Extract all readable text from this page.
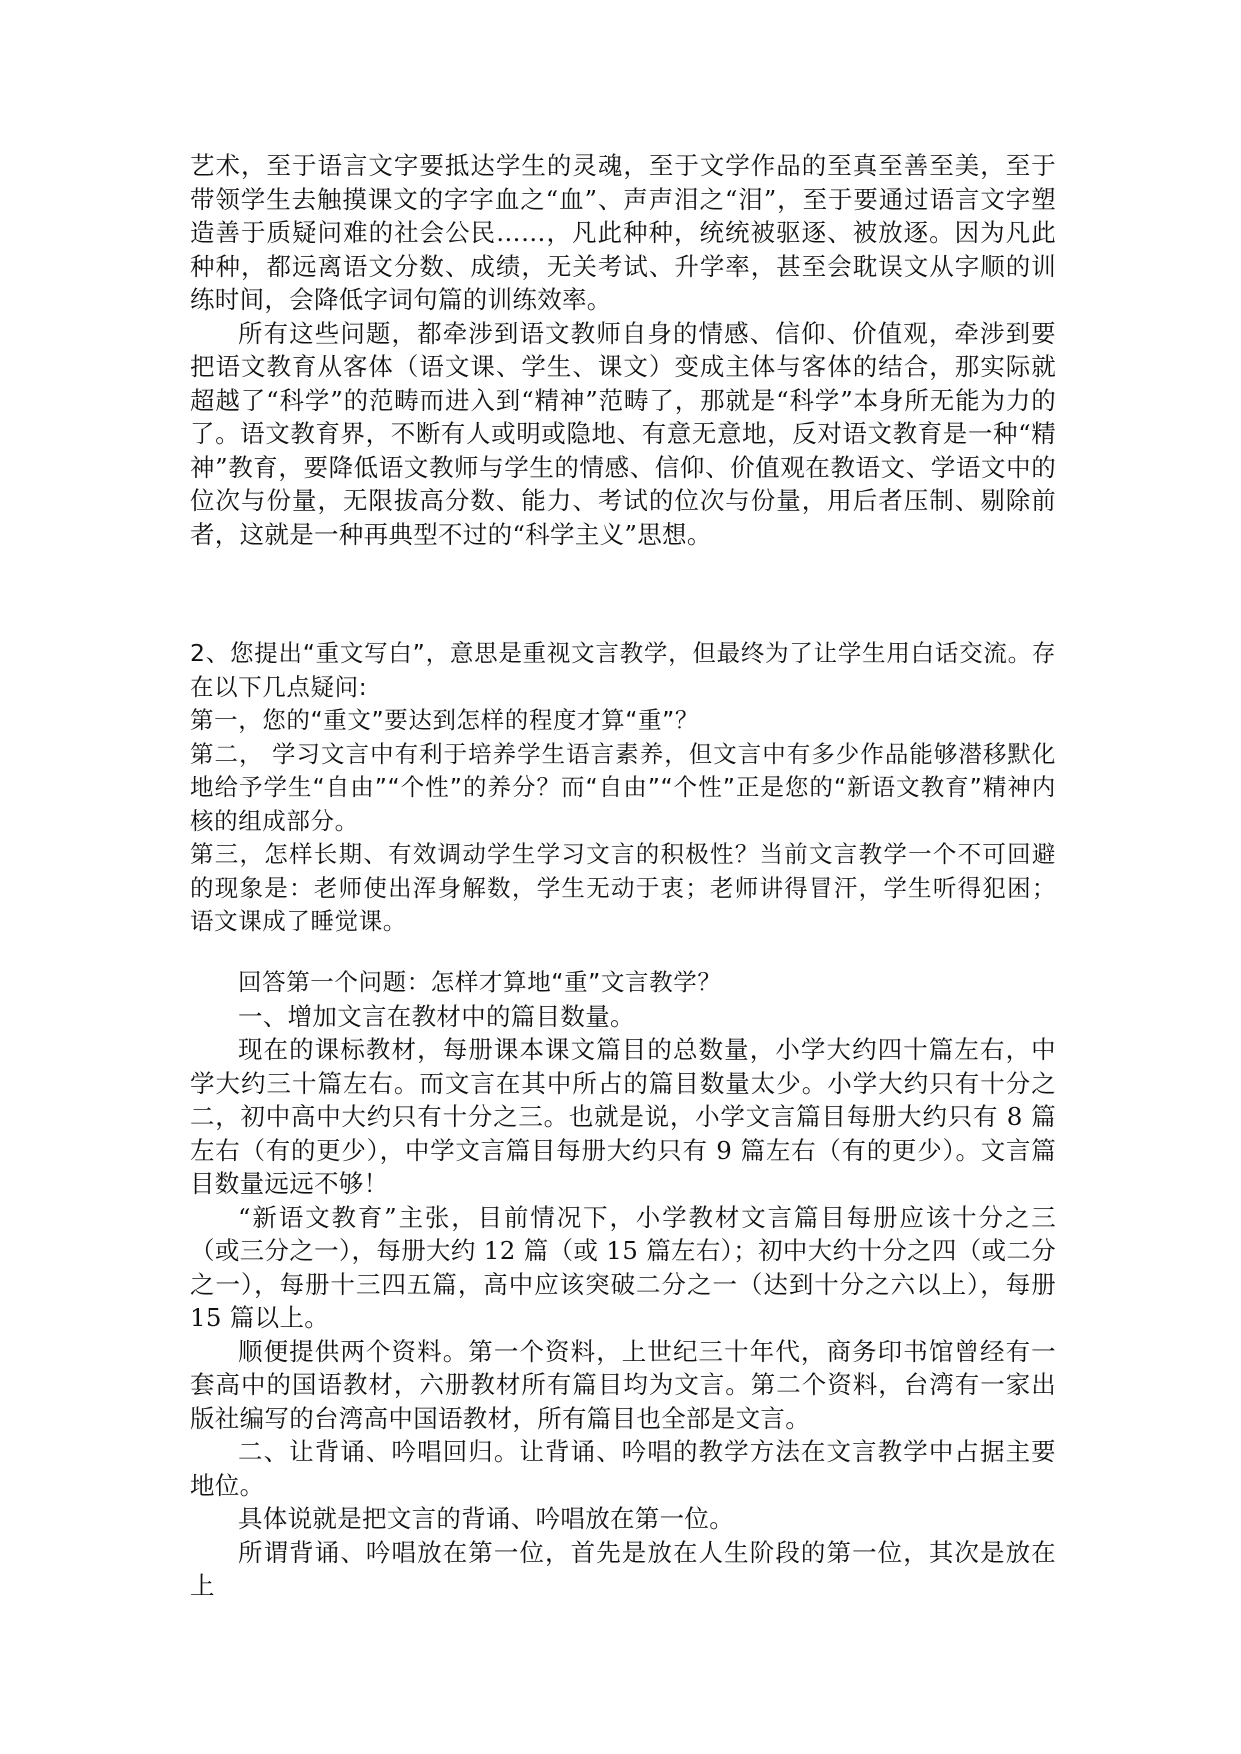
艺术，至于语言文字要抵达学生的灵魂，至于文学作品的至真至善至美，至于带领学生去触摸课文的字字血之“血”、声声泪之“泪”，至于要通过语言文字塑造善于质疑问难的社会公民……，凡此种种，统统被驱逐、被放逐。因为凡此种种，都远离语文分数、成绩，无关考试、升学率，甚至会耽误文从字顺的训练时间，会降低字词句篇的训练效率。

所有这些问题，都牵涉到语文教师自身的情感、信仰、价值观，牵涉到要把语文教育从客体（语文课、学生、课文）变成主体与客体的结合，那实际就超越了“科学”的范畴而进入到“精神”范畴了，那就是“科学”本身所无能为力的了。语文教育界，不断有人或明或隐地、有意无意地，反对语文教育是一种“精神”教育，要降低语文教师与学生的情感、信仰、价值观在教语文、学语文中的位次与份量，无限拔高分数、能力、考试的位次与份量，用后者压制、剔除前者，这就是一种再典型不过的“科学主义”思想。

2、您提出“重文写白”，意思是重视文言教学，但最终为了让学生用白话交流。存在以下几点疑问:

第一，您的“重文”要达到怎样的程度才算“重”？

第二， 学习文言中有利于培养学生语言素养，但文言中有多少作品能够潜移默化地给予学生“自由”“个性”的养分？而“自由”“个性”正是您的“新语文教育”精神内核的组成部分。

第三，怎样长期、有效调动学生学习文言的积极性？当前文言教学一个不可回避的现象是：老师使出浑身解数，学生无动于衷；老师讲得冒汗，学生听得犯困；语文课成了睡觉课。

回答第一个问题：怎样才算地“重”文言教学？

一、增加文言在教材中的篇目数量。

现在的课标教材，每册课本课文篇目的总数量，小学大约四十篇左右，中学大约三十篇左右。而文言在其中所占的篇目数量太少。小学大约只有十分之二，初中高中大约只有十分之三。也就是说，小学文言篇目每册大约只有 8 篇左右（有的更少），中学文言篇目每册大约只有 9 篇左右（有的更少）。文言篇目数量远远不够！

“新语文教育”主张，目前情况下，小学教材文言篇目每册应该十分之三（或三分之一），每册大约 12 篇（或 15 篇左右）；初中大约十分之四（或二分之一），每册十三四五篇，高中应该突破二分之一（达到十分之六以上），每册 15 篇以上。

顺便提供两个资料。第一个资料，上世纪三十年代，商务印书馆曾经有一套高中的国语教材，六册教材所有篇目均为文言。第二个资料，台湾有一家出版社编写的台湾高中国语教材，所有篇目也全部是文言。

二、让背诵、吟唱回归。让背诵、吟唱的教学方法在文言教学中占据主要地位。

具体说就是把文言的背诵、吟唱放在第一位。

所谓背诵、吟唱放在第一位，首先是放在人生阶段的第一位，其次是放在上
